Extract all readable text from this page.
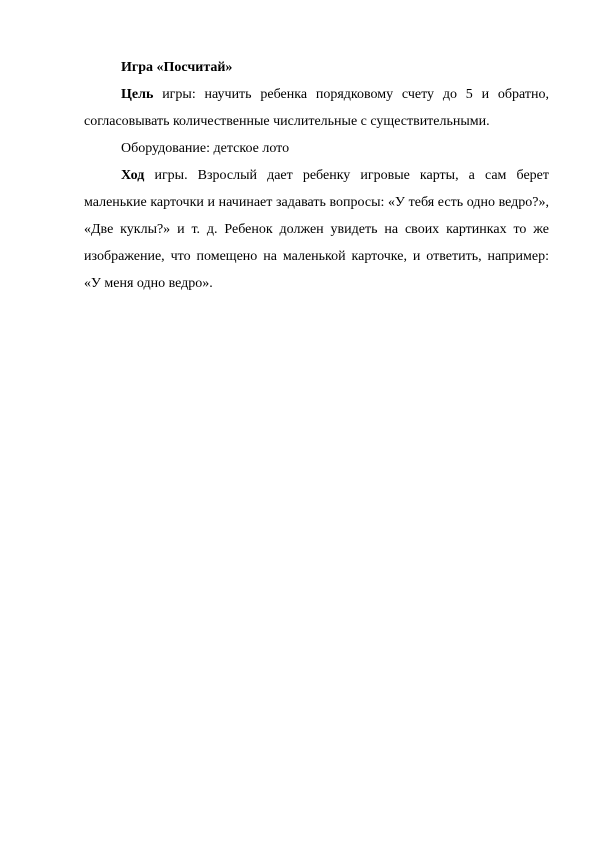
Игра «Посчитай»

Цель игры: научить ребенка порядковому счету до 5 и обратно, согласовывать количественные числительные с существительными.

Оборудование: детское лото

Ход игры. Взрослый дает ребенку игровые карты, а сам берет маленькие карточки и начинает задавать вопросы: «У тебя есть одно ведро?», «Две куклы?» и т. д. Ребенок должен увидеть на своих картинках то же изображение, что помещено на маленькой карточке, и ответить, например: «У меня одно ведро».
